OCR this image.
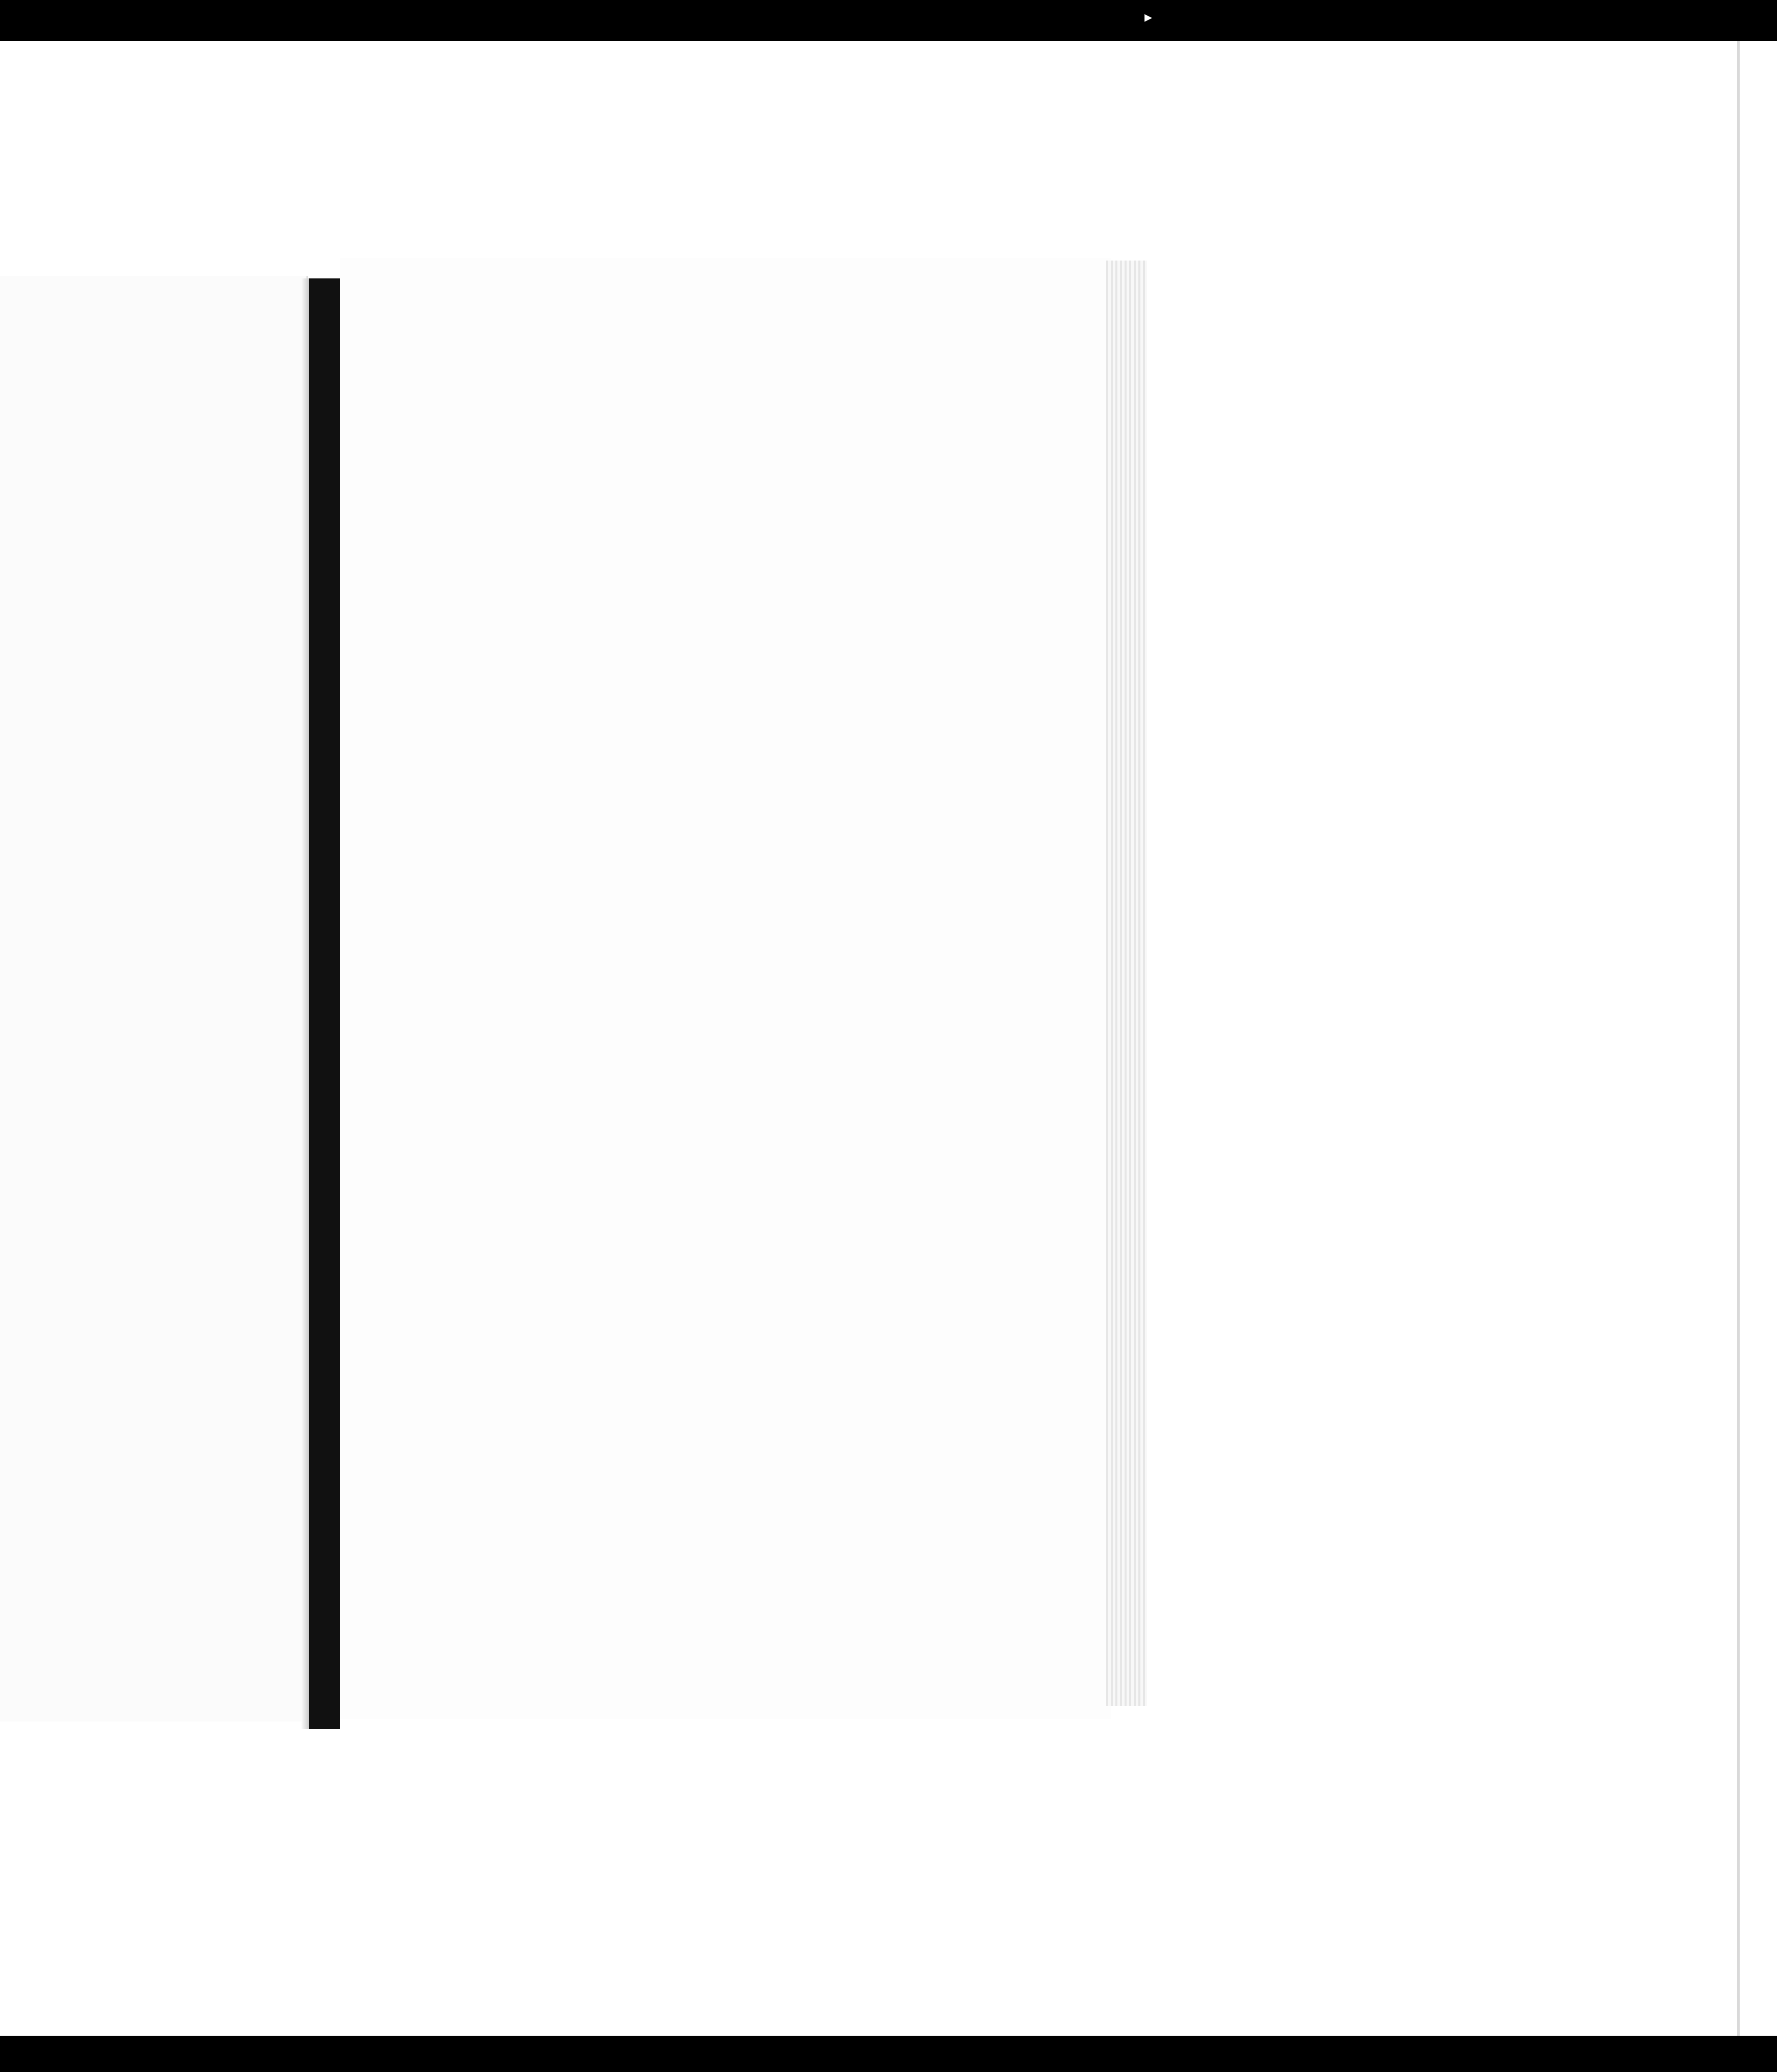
▸
